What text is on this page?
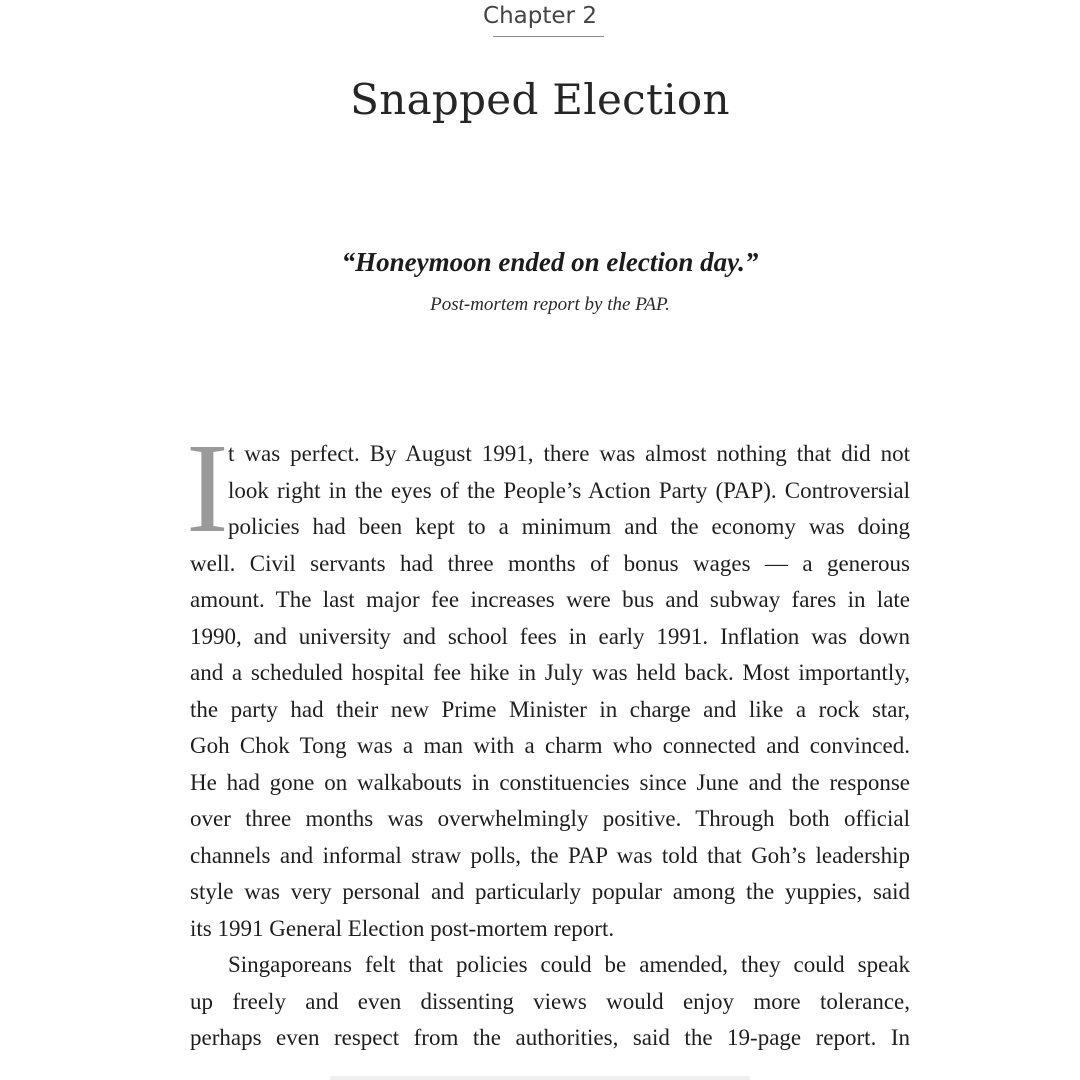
Chapter 2
Snapped Election

“Honeymoon ended on election day.”

Post-mortem report by the PAP.

I t was perfect. By August 1991, there was almost nothing that did not
look right in the eyes of the People’s Action Party (PAP). Controversial
policies had been kept to a minimum and the economy was doing
well. Civil servants had three months of bonus wages — a generous
amount. The last major fee increases were bus and subway fares in late
1990, and university and school fees in early 1991. Inflation was down
and a scheduled hospital fee hike in July was held back. Most importantly,
the party had their new Prime Minister in charge and like a rock star,
Goh Chok Tong was a man with a charm who connected and convinced.
He had gone on walkabouts in constituencies since June and the response
over three months was overwhelmingly positive. Through both official
channels and informal straw polls, the PAP was told that Goh’s leadership
style was very personal and particularly popular among the yuppies, said
its 1991 General Election post-mortem report.
Singaporeans felt that policies could be amended, they could speak
up freely and even dissenting views would enjoy more tolerance,
perhaps even respect from the authorities, said the 19-page report. In
